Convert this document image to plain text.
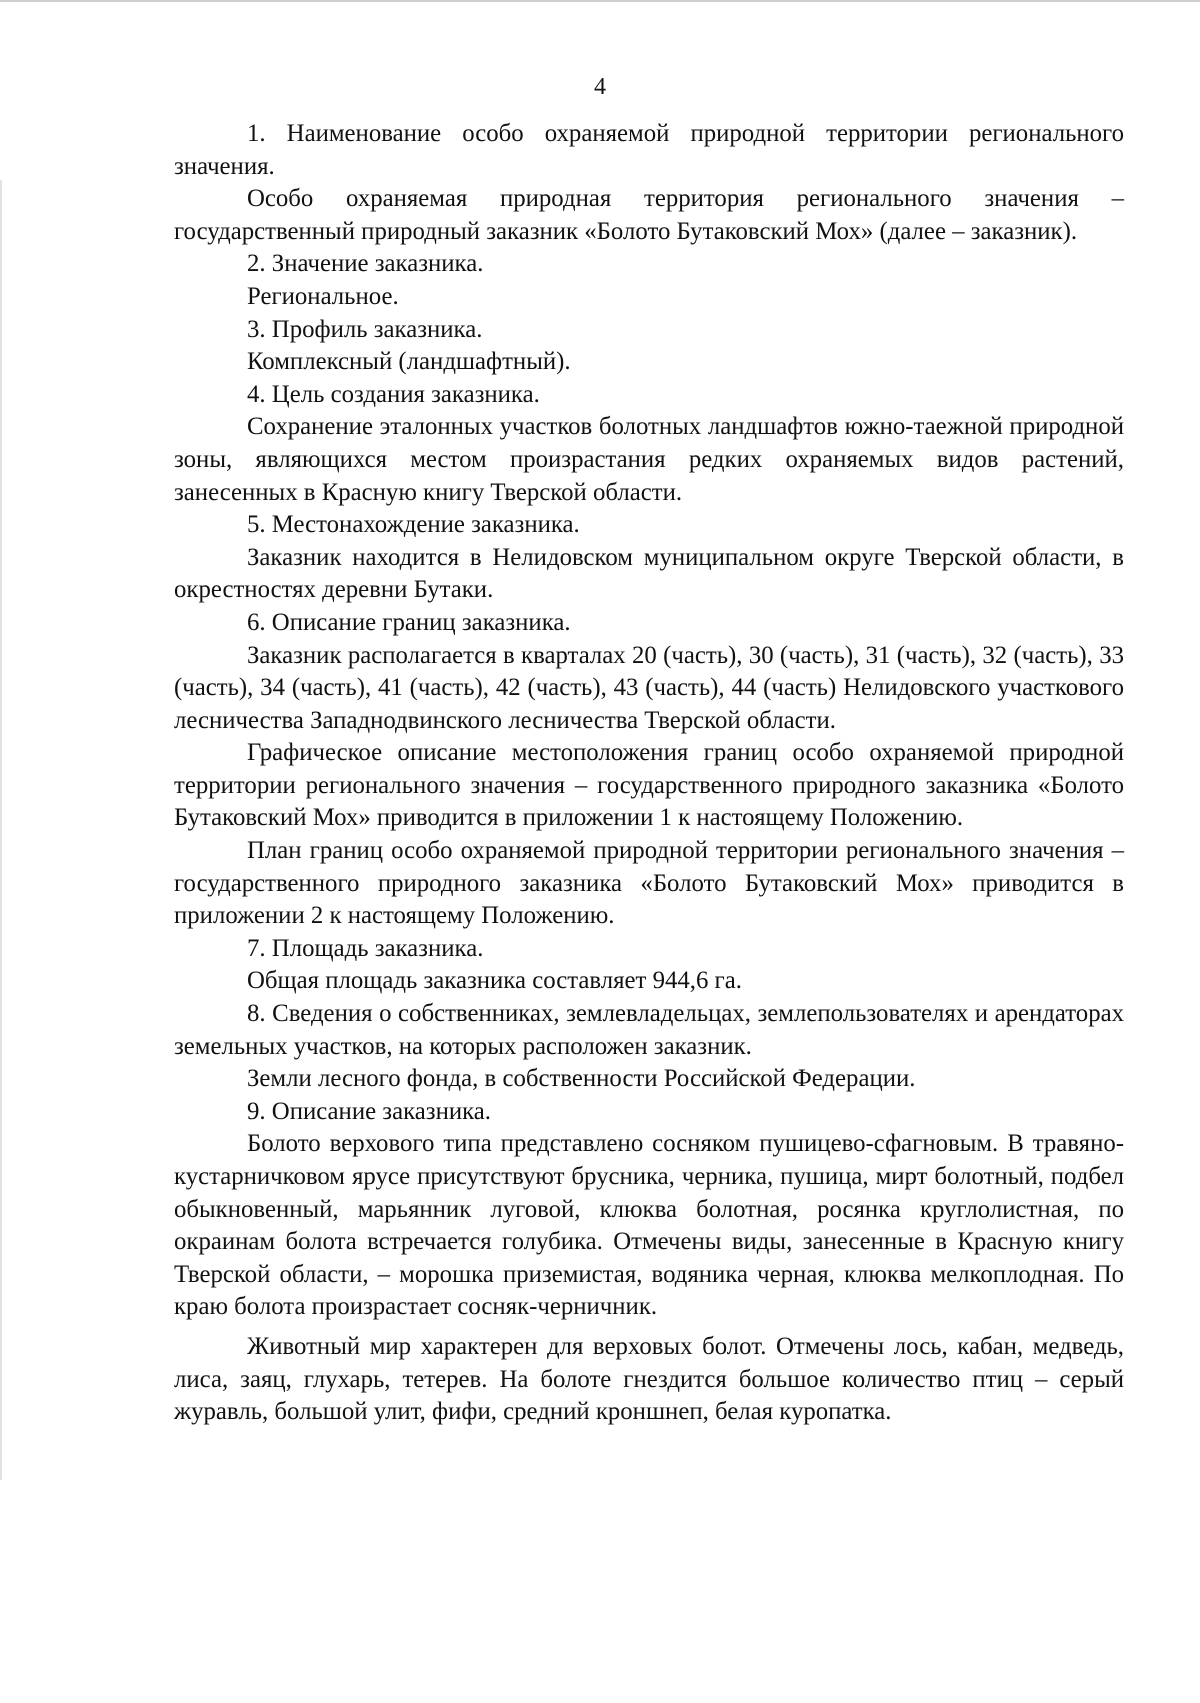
4

1. Наименование особо охраняемой природной территории регионального значения.

Особо охраняемая природная территория регионального значения – государственный природный заказник «Болото Бутаковский Мох» (далее – заказник).

2. Значение заказника.

Региональное.

3. Профиль заказника.

Комплексный (ландшафтный).

4. Цель создания заказника.

Сохранение эталонных участков болотных ландшафтов южно-таежной природной зоны, являющихся местом произрастания редких охраняемых видов растений, занесенных в Красную книгу Тверской области.

5. Местонахождение заказника.

Заказник находится в Нелидовском муниципальном округе Тверской области, в окрестностях деревни Бутаки.

6. Описание границ заказника.

Заказник располагается в кварталах 20 (часть), 30 (часть), 31 (часть), 32 (часть), 33 (часть), 34 (часть), 41 (часть), 42 (часть), 43 (часть), 44 (часть) Нелидовского участкового лесничества Западнодвинского лесничества Тверской области.

Графическое описание местоположения границ особо охраняемой природной территории регионального значения – государственного природного заказника «Болото Бутаковский Мох» приводится в приложении 1 к настоящему Положению.

План границ особо охраняемой природной территории регионального значения – государственного природного заказника «Болото Бутаковский Мох» приводится в приложении 2 к настоящему Положению.

7. Площадь заказника.

Общая площадь заказника составляет 944,6 га.

8. Сведения о собственниках, землевладельцах, землепользователях и арендаторах земельных участков, на которых расположен заказник.

Земли лесного фонда, в собственности Российской Федерации.

9. Описание заказника.

Болото верхового типа представлено сосняком пушицево-сфагновым. В травяно-кустарничковом ярусе присутствуют брусника, черника, пушица, мирт болотный, подбел обыкновенный, марьянник луговой, клюква болотная, росянка круглолистная, по окраинам болота встречается голубика. Отмечены виды, занесенные в Красную книгу Тверской области, – морошка приземистая, водяника черная, клюква мелкоплодная. По краю болота произрастает сосняк-черничник.

Животный мир характерен для верховых болот. Отмечены лось, кабан, медведь, лиса, заяц, глухарь, тетерев. На болоте гнездится большое количество птиц – серый журавль, большой улит, фифи, средний кроншнеп, белая куропатка.
